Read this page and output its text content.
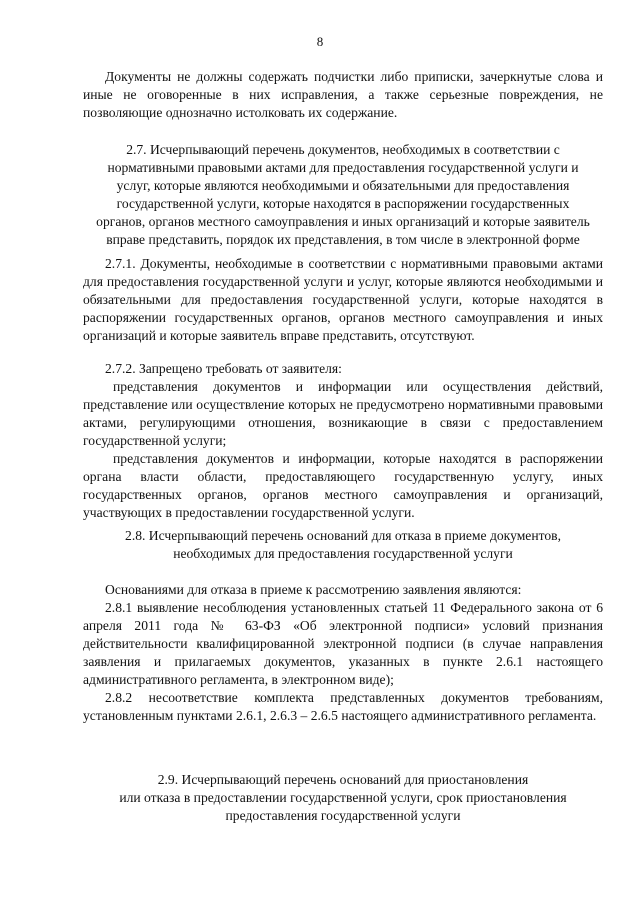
8

Документы не должны содержать подчистки либо приписки, зачеркнутые слова и иные не оговоренные в них исправления, а также серьезные повреждения, не позволяющие однозначно истолковать их содержание.

2.7. Исчерпывающий перечень документов, необходимых в соответствии с

нормативными правовыми актами для предоставления государственной услуги и

услуг, которые являются необходимыми и обязательными для предоставления

государственной услуги, которые находятся в распоряжении государственных

органов, органов местного самоуправления и иных организаций и которые заявитель

вправе представить, порядок их представления, в том числе в электронной форме

2.7.1. Документы, необходимые в соответствии с нормативными правовыми актами для предоставления государственной услуги и услуг, которые являются необходимыми и обязательными для предоставления государственной услуги, которые находятся в распоряжении государственных органов, органов местного самоуправления и иных организаций и которые заявитель вправе представить, отсутствуют.

2.7.2. Запрещено требовать от заявителя:

представления документов и информации или осуществления действий, представление или осуществление которых не предусмотрено нормативными правовыми актами, регулирующими отношения, возникающие в связи с предоставлением государственной услуги;

представления документов и информации, которые находятся в распоряжении органа власти области, предоставляющего государственную услугу, иных государственных органов, органов местного самоуправления и организаций, участвующих в предоставлении государственной услуги.

2.8. Исчерпывающий перечень оснований для отказа в приеме документов,

необходимых для предоставления государственной услуги

Основаниями для отказа в приеме к рассмотрению заявления являются:

2.8.1 выявление несоблюдения установленных статьей 11 Федерального закона от 6 апреля 2011 года № 63-ФЗ «Об электронной подписи» условий признания действительности квалифицированной электронной подписи (в случае направления заявления и прилагаемых документов, указанных в пункте 2.6.1 настоящего административного регламента, в электронном виде);

2.8.2 несоответствие комплекта представленных документов требованиям, установленным пунктами 2.6.1, 2.6.3 – 2.6.5 настоящего административного регламента.

2.9. Исчерпывающий перечень оснований для приостановления

или отказа в предоставлении государственной услуги, срок приостановления

предоставления государственной услуги
